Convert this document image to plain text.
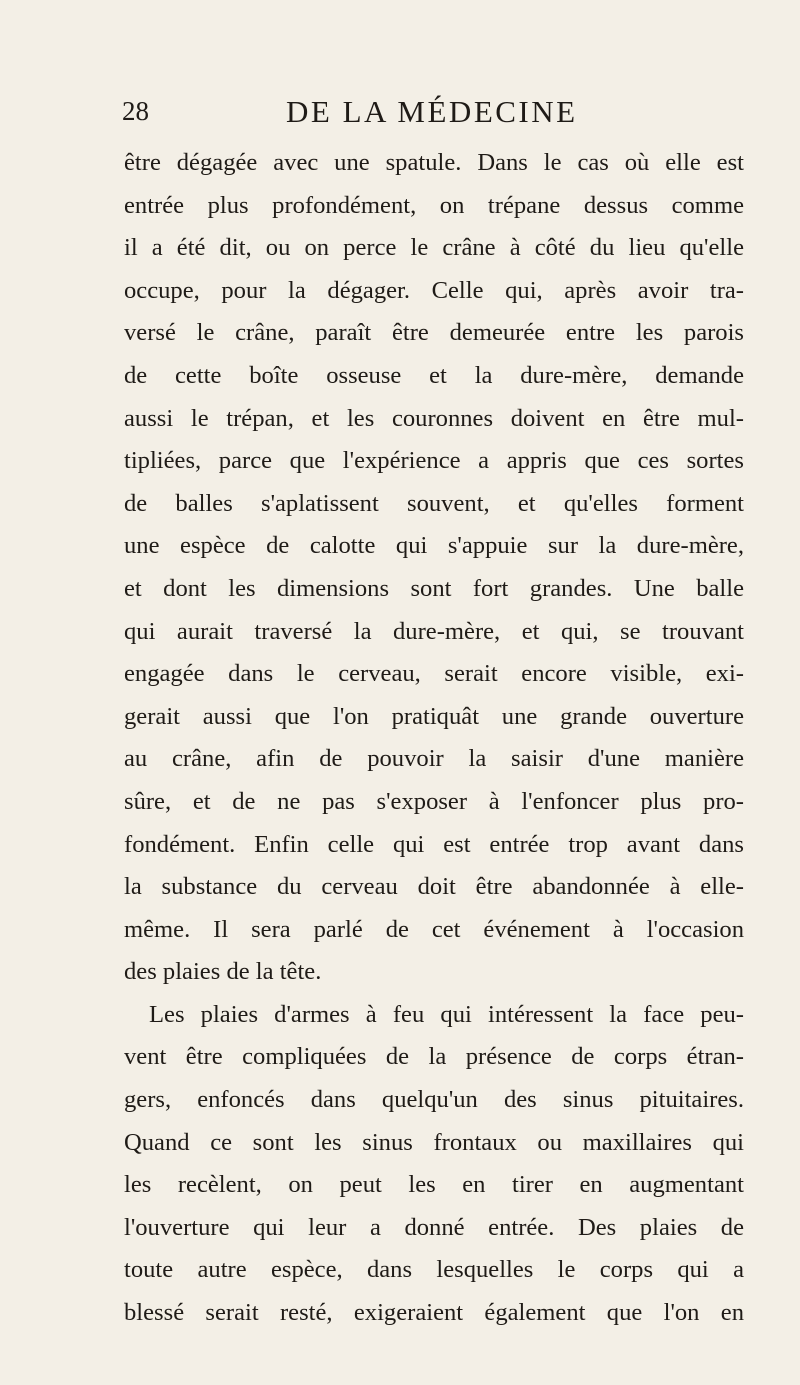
28	DE LA MÉDECINE
être dégagée avec une spatule. Dans le cas où elle est
entrée plus profondément, on trépane dessus comme
il a été dit, ou on perce le crâne à côté du lieu qu'elle
occupe, pour la dégager. Celle qui, après avoir tra-
versé le crâne, paraît être demeurée entre les parois
de cette boîte osseuse et la dure-mère, demande
aussi le trépan, et les couronnes doivent en être mul-
tipliées, parce que l'expérience a appris que ces sortes
de balles s'aplatissent souvent, et qu'elles forment
une espèce de calotte qui s'appuie sur la dure-mère,
et dont les dimensions sont fort grandes. Une balle
qui aurait traversé la dure-mère, et qui, se trouvant
engagée dans le cerveau, serait encore visible, exi-
gerait aussi que l'on pratiquât une grande ouverture
au crâne, afin de pouvoir la saisir d'une manière
sûre, et de ne pas s'exposer à l'enfoncer plus pro-
fondément. Enfin celle qui est entrée trop avant dans
la substance du cerveau doit être abandonnée à elle-
même. Il sera parlé de cet événement à l'occasion
des plaies de la tête.
Les plaies d'armes à feu qui intéressent la face peu-
vent être compliquées de la présence de corps étran-
gers, enfoncés dans quelqu'un des sinus pituitaires.
Quand ce sont les sinus frontaux ou maxillaires qui
les recèlent, on peut les en tirer en augmentant
l'ouverture qui leur a donné entrée. Des plaies de
toute autre espèce, dans lesquelles le corps qui a
blessé serait resté, exigeraient également que l'on en
